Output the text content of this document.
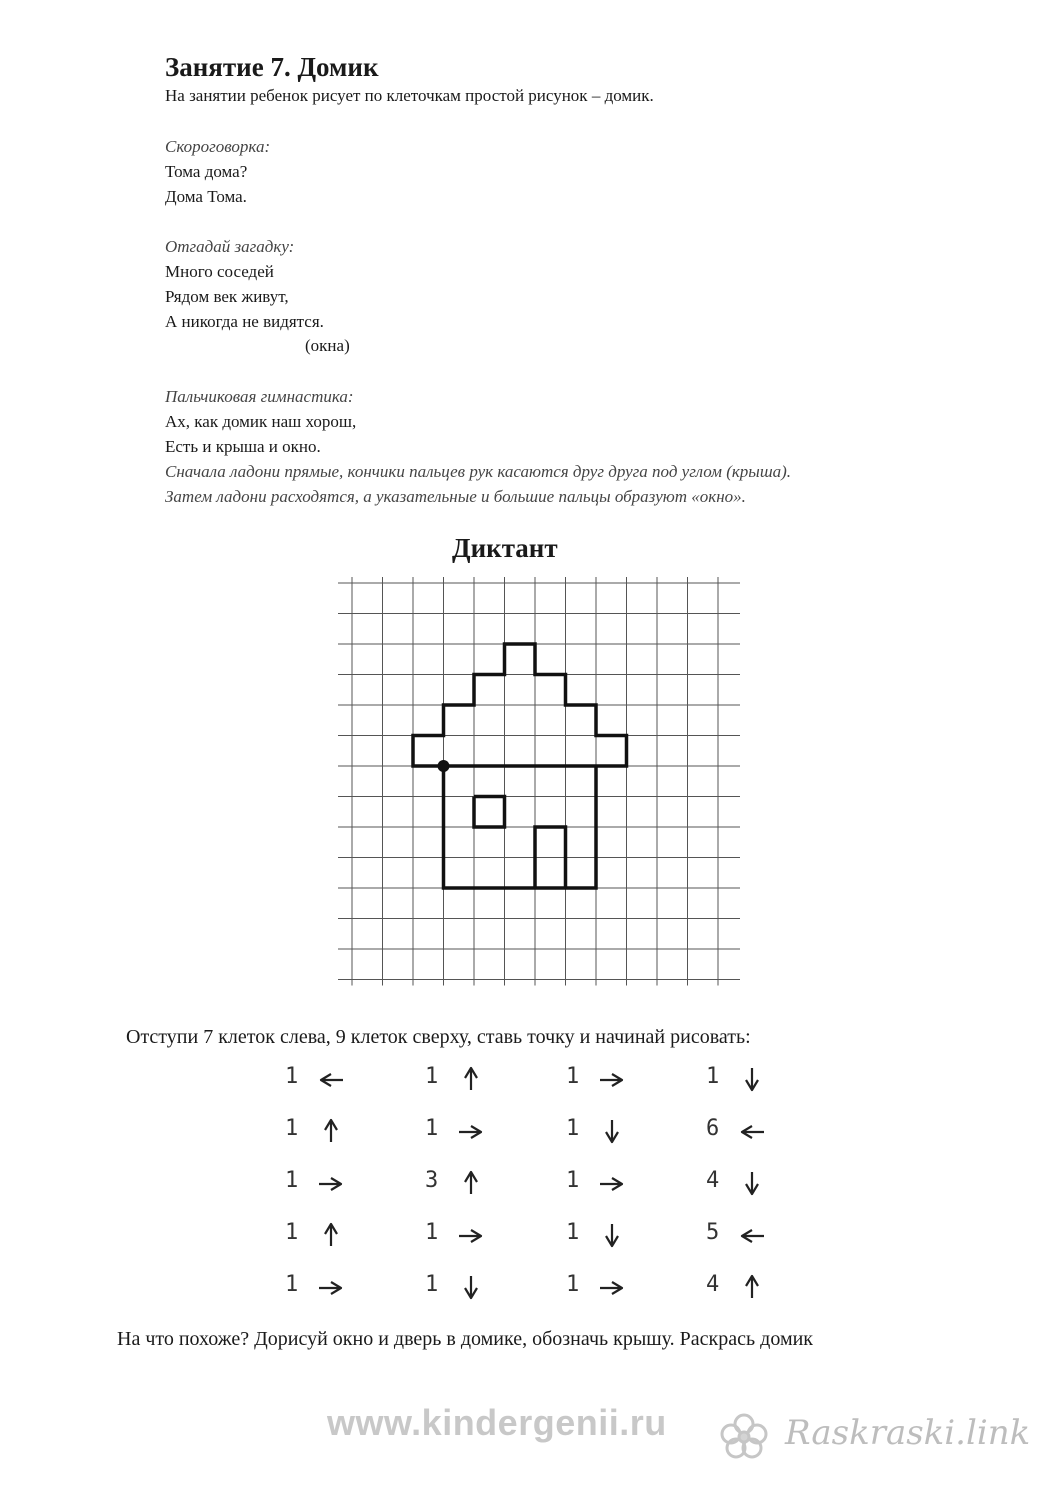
Занятие 7. Домик
На занятии ребенок рисует по клеточкам простой рисунок – домик.
Скороговорка:
Тома дома?
Дома Тома.
Отгадай загадку:
Много соседей
Рядом век живут,
А никогда не видятся.
(окна)
Пальчиковая гимнастика:
Ах, как домик наш хорош,
Есть и крыша и окно.
Сначала ладони прямые, кончики пальцев рук касаются друг друга под углом (крыша).
Затем ладони расходятся, а указательные и большие пальцы образуют «окно».
Диктант
Отступи 7 клеток слева, 9 клеток сверху, ставь точку и начинай рисовать:
1
1
1
1
1
1
1
3
1
1
1
1
1
1
1
1
6
4
5
4
На что похоже? Дорисуй окно и дверь в домике, обозначь крышу. Раскрась домик
www.kindergenii.ru	Raskraski.link
